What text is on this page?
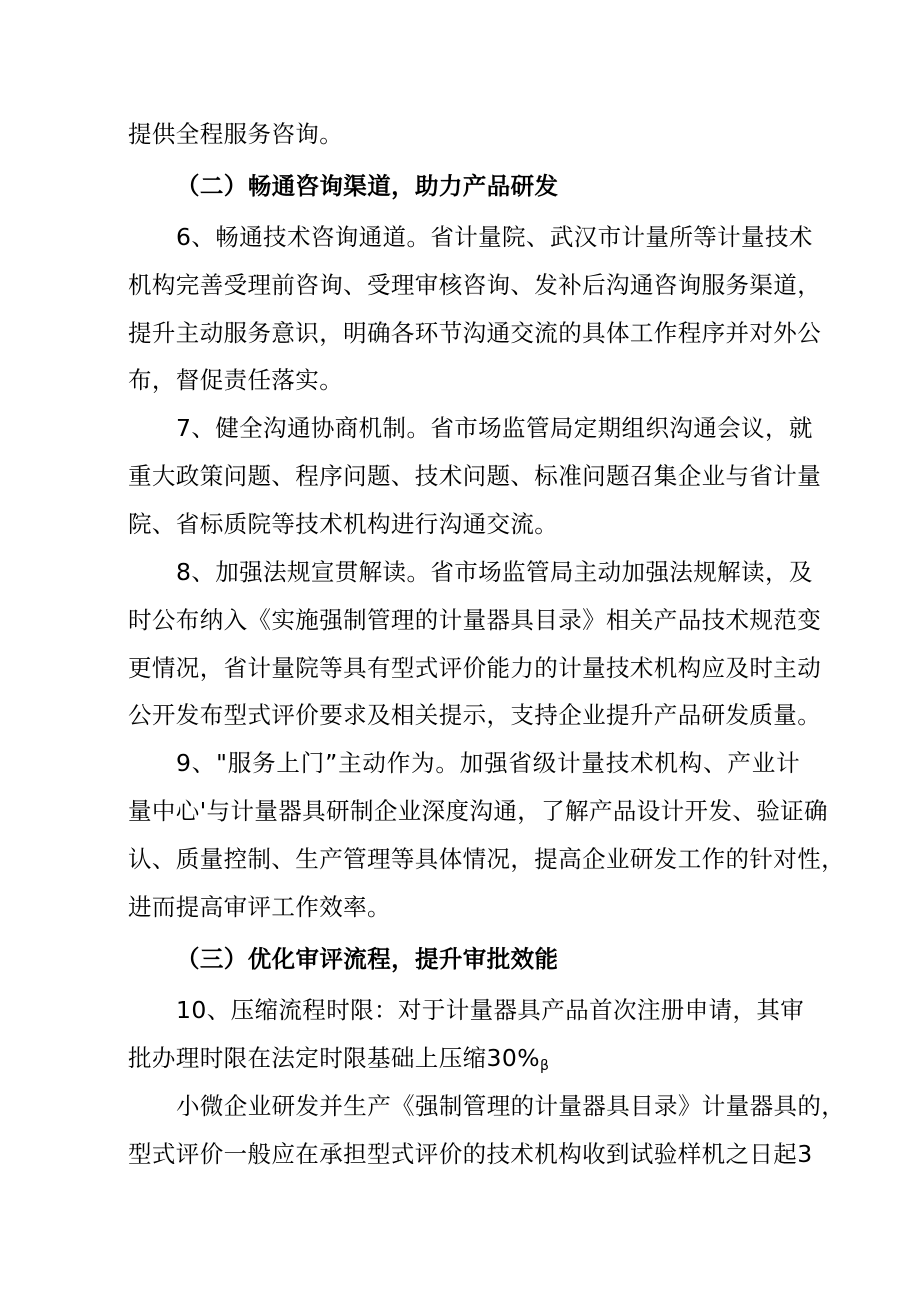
提供全程服务咨询。
（二）畅通咨询渠道，助力产品研发
6、畅通技术咨询通道。省计量院、武汉市计量所等计量技术
机构完善受理前咨询、受理审核咨询、发补后沟通咨询服务渠道，
提升主动服务意识，明确各环节沟通交流的具体工作程序并对外公
布，督促责任落实。
7、健全沟通协商机制。省市场监管局定期组织沟通会议，就
重大政策问题、程序问题、技术问题、标准问题召集企业与省计量
院、省标质院等技术机构进行沟通交流。
8、加强法规宣贯解读。省市场监管局主动加强法规解读，及
时公布纳入《实施强制管理的计量器具目录》相关产品技术规范变
更情况，省计量院等具有型式评价能力的计量技术机构应及时主动
公开发布型式评价要求及相关提示，支持企业提升产品研发质量。
9、"服务上门”主动作为。加强省级计量技术机构、产业计
量中心'与计量器具研制企业深度沟通，了解产品设计开发、验证确
认、质量控制、生产管理等具体情况，提高企业研发工作的针对性，
进而提高审评工作效率。
（三）优化审评流程，提升审批效能
10、压缩流程时限：对于计量器具产品首次注册申请，其审
批办理时限在法定时限基础上压缩$30\%_\beta$
小微企业研发并生产《强制管理的计量器具目录》计量器具的，
型式评价一般应在承担型式评价的技术机构收到试验样机之日起3
